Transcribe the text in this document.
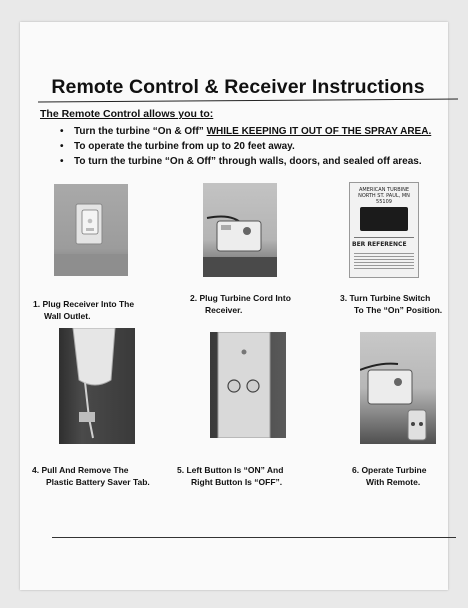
Remote Control & Receiver Instructions
The Remote Control allows you to:
• Turn the turbine “On & Off” WHILE KEEPING IT OUT OF THE SPRAY AREA.
• To operate the turbine from up to 20 feet away.
• To turn the turbine “On & Off” through walls, doors, and sealed off areas.
AMERICAN TURBINE
NORTH ST. PAUL, MN 55109
BER REFERENCE
1. Plug Receiver Into The
Wall Outlet.
2. Plug Turbine Cord Into
Receiver.
3. Turn Turbine Switch
To The “On” Position.
4. Pull And Remove The
Plastic Battery Saver Tab.
5. Left Button Is “ON” And
Right Button Is “OFF”.
6. Operate Turbine
With Remote.
